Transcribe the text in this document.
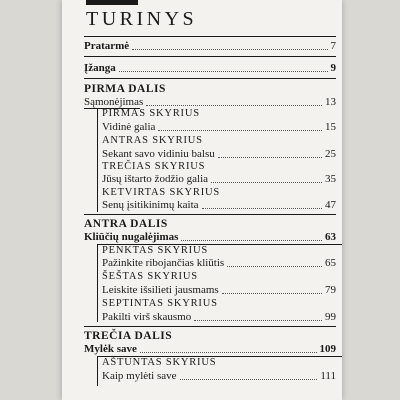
TURINYS
Pratarmė	7
Įžanga	9
PIRMA DALIS
Sąmonėjimas	13
PIRMAS SKYRIUS
Vidinė galia	15
ANTRAS SKYRIUS
Sekant savo vidiniu balsu	25
TREČIAS SKYRIUS
Jūsų ištarto žodžio galia	35
KETVIRTAS SKYRIUS
Senų įsitikinimų kaita	47
ANTRA DALIS
Kliūčių nugalėjimas	63
PENKTAS SKYRIUS
Pažinkite ribojančias kliūtis	65
ŠEŠTAS SKYRIUS
Leiskite išsilieti jausmams	79
SEPTINTAS SKYRIUS
Pakilti virš skausmo	99
TREČIA DALIS
Mylėk save	109
AŠTUNTAS SKYRIUS
Kaip mylėti save	111
